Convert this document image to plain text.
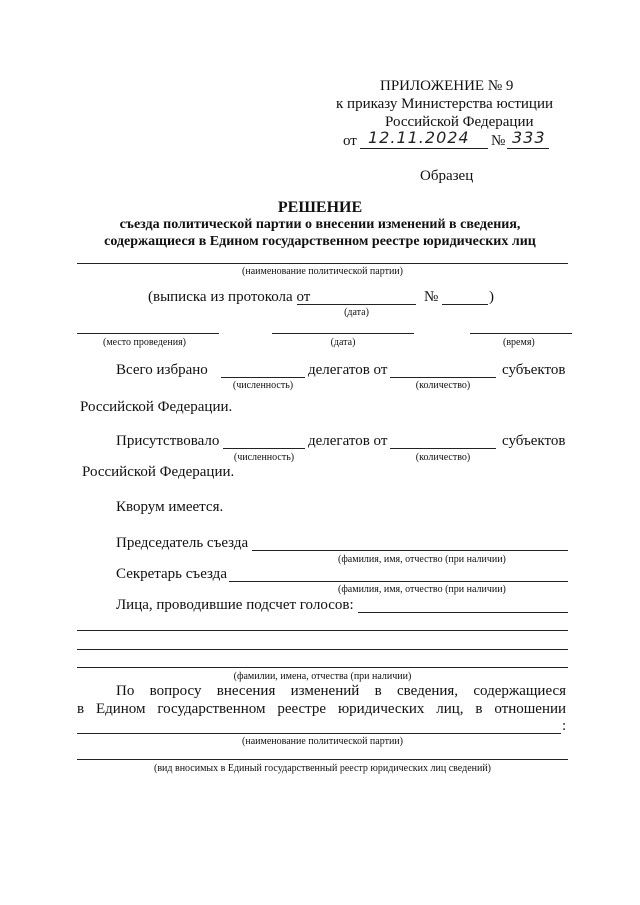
ПРИЛОЖЕНИЕ № 9
к приказу Министерства юстиции
Российской Федерации
от 12.11.2024 № 333
Образец
РЕШЕНИЕ
съезда политической партии о внесении изменений в сведения,
содержащиеся в Едином государственном реестре юридических лиц
(наименование политической партии)
(выписка из протокола от	№	)
(дата)
(место проведения)	(дата)	(время)
Всего избрано	делегатов от	субъектов
(численность)	(количество)
Российской Федерации.
Присутствовало	делегатов от	субъектов
(численность)	(количество)
Российской Федерации.
Кворум имеется.
Председатель съезда
(фамилия, имя, отчество (при наличии)
Секретарь съезда
(фамилия, имя, отчество (при наличии)
Лица, проводившие подсчет голосов:
(фамилии, имена, отчества (при наличии)
По вопросу внесения изменений в сведения, содержащиеся
в Едином государственном реестре юридических лиц, в отношении
:
(наименование политической партии)
(вид вносимых в Единый государственный реестр юридических лиц сведений)
